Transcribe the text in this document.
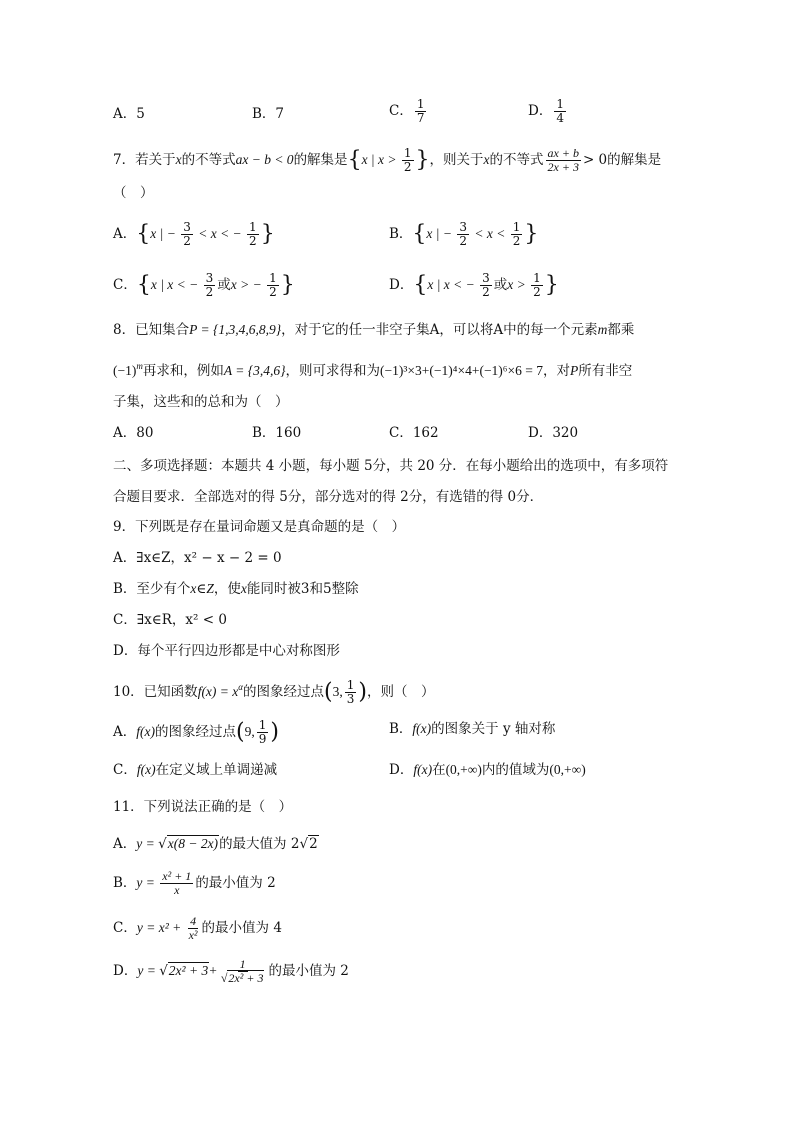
A．5	B．7	C． $\frac{1}{7}$	D． $\frac{1}{4}$
7．若关于x的不等式ax − b < 0的解集是{x | $x > \frac{1}{2}$ }，则关于x的不等式 $\frac{ax + b}{2x + 3} > 0$的解集是
（　）
A．{x | − $\frac{3}{2} < x$ < − $\frac{1}{2}$ }	B．{x | − $\frac{3}{2} < x < \frac{1}{2}$ }
C．{x | x < − $\frac{3}{2}$ 或x > − $\frac{1}{2}$ }	D．{x | x < − $\frac{3}{2}$ 或$x > \frac{1}{2}$ }
8．已知集合P = {1,3,4,6,8,9}，对于它的任一非空子集A，可以将A中的每一个元素m都乘
$(-1)^m$再求和，例如A = {3,4,6}，则可求得和为(−1)³×3+(−1)⁴×4+(−1)⁶×6 = 7，对P所有非空
子集，这些和的总和为（　）
A．80	B．160	C．162	D．320
二、多项选择题：本题共 4 小题，每小题 5分，共 20 分．在每小题给出的选项中，有多项符
合题目要求．全部选对的得 5分，部分选对的得 2分，有选错的得 0分．
9．下列既是存在量词命题又是真命题的是（　）
A．∃x∈Z，x² − x − 2 = 0
B．至少有个x∈Z，使x能同时被3和5整除
C．∃x∈R，x² < 0
D．每个平行四边形都是中心对称图形
10．已知函数$f(x) = x^\alpha$的图象经过点(3, $\frac{1}{3}$ )，则（　）
A．f(x)的图象经过点(9, $\frac{1}{9}$ )	B．f(x)的图象关于 y 轴对称
C．f(x)在定义域上单调递减	D．f(x)在(0,+∞)内的值域为(0,+∞)
11．下列说法正确的是（　）
A．y = √x(8 − 2x)的最大值为 2√2
B．$y = \frac{\text{x² + 1}}{x}$ 的最小值为 2
C．$y = x^2 + \frac{4}{\text{x²}}$ 的最小值为 4
D．$y = √2x^2 + 3+ \frac{1}{\text{√2x² + 3}}$ 的最小值为 2
